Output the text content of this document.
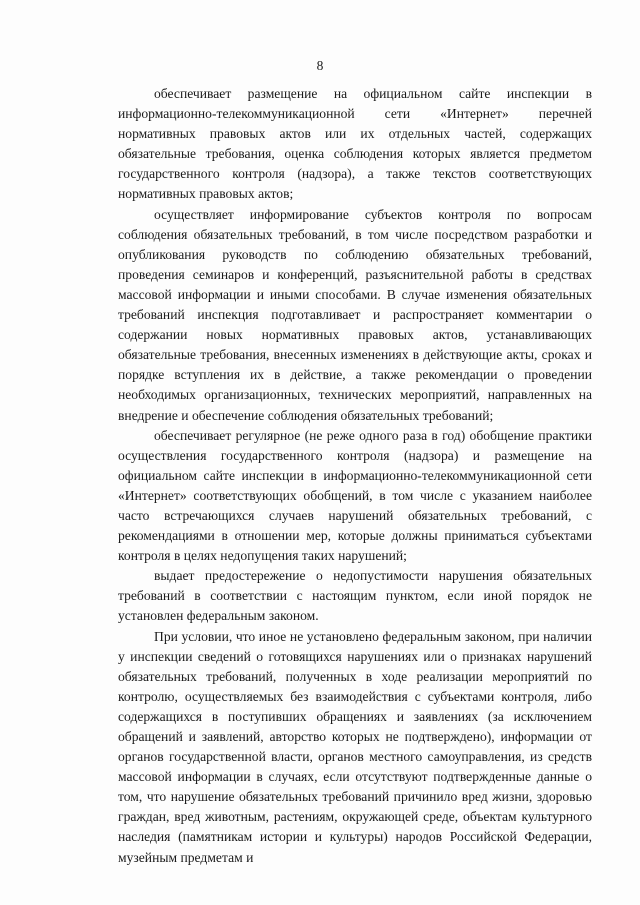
8

обеспечивает размещение на официальном сайте инспекции в информационно-телекоммуникационной сети «Интернет» перечней нормативных правовых актов или их отдельных частей, содержащих обязательные требования, оценка соблюдения которых является предметом государственного контроля (надзора), а также текстов соответствующих нормативных правовых актов;

осуществляет информирование субъектов контроля по вопросам соблюдения обязательных требований, в том числе посредством разработки и опубликования руководств по соблюдению обязательных требований, проведения семинаров и конференций, разъяснительной работы в средствах массовой информации и иными способами. В случае изменения обязательных требований инспекция подготавливает и распространяет комментарии о содержании новых нормативных правовых актов, устанавливающих обязательные требования, внесенных изменениях в действующие акты, сроках и порядке вступления их в действие, а также рекомендации о проведении необходимых организационных, технических мероприятий, направленных на внедрение и обеспечение соблюдения обязательных требований;

обеспечивает регулярное (не реже одного раза в год) обобщение практики осуществления государственного контроля (надзора) и размещение на официальном сайте инспекции в информационно-телекоммуникационной сети «Интернет» соответствующих обобщений, в том числе с указанием наиболее часто встречающихся случаев нарушений обязательных требований, с рекомендациями в отношении мер, которые должны приниматься субъектами контроля в целях недопущения таких нарушений;

выдает предостережение о недопустимости нарушения обязательных требований в соответствии с настоящим пунктом, если иной порядок не установлен федеральным законом.

При условии, что иное не установлено федеральным законом, при наличии у инспекции сведений о готовящихся нарушениях или о признаках нарушений обязательных требований, полученных в ходе реализации мероприятий по контролю, осуществляемых без взаимодействия с субъектами контроля, либо содержащихся в поступивших обращениях и заявлениях (за исключением обращений и заявлений, авторство которых не подтверждено), информации от органов государственной власти, органов местного самоуправления, из средств массовой информации в случаях, если отсутствуют подтвержденные данные о том, что нарушение обязательных требований причинило вред жизни, здоровью граждан, вред животным, растениям, окружающей среде, объектам культурного наследия (памятникам истории и культуры) народов Российской Федерации, музейным предметам и
